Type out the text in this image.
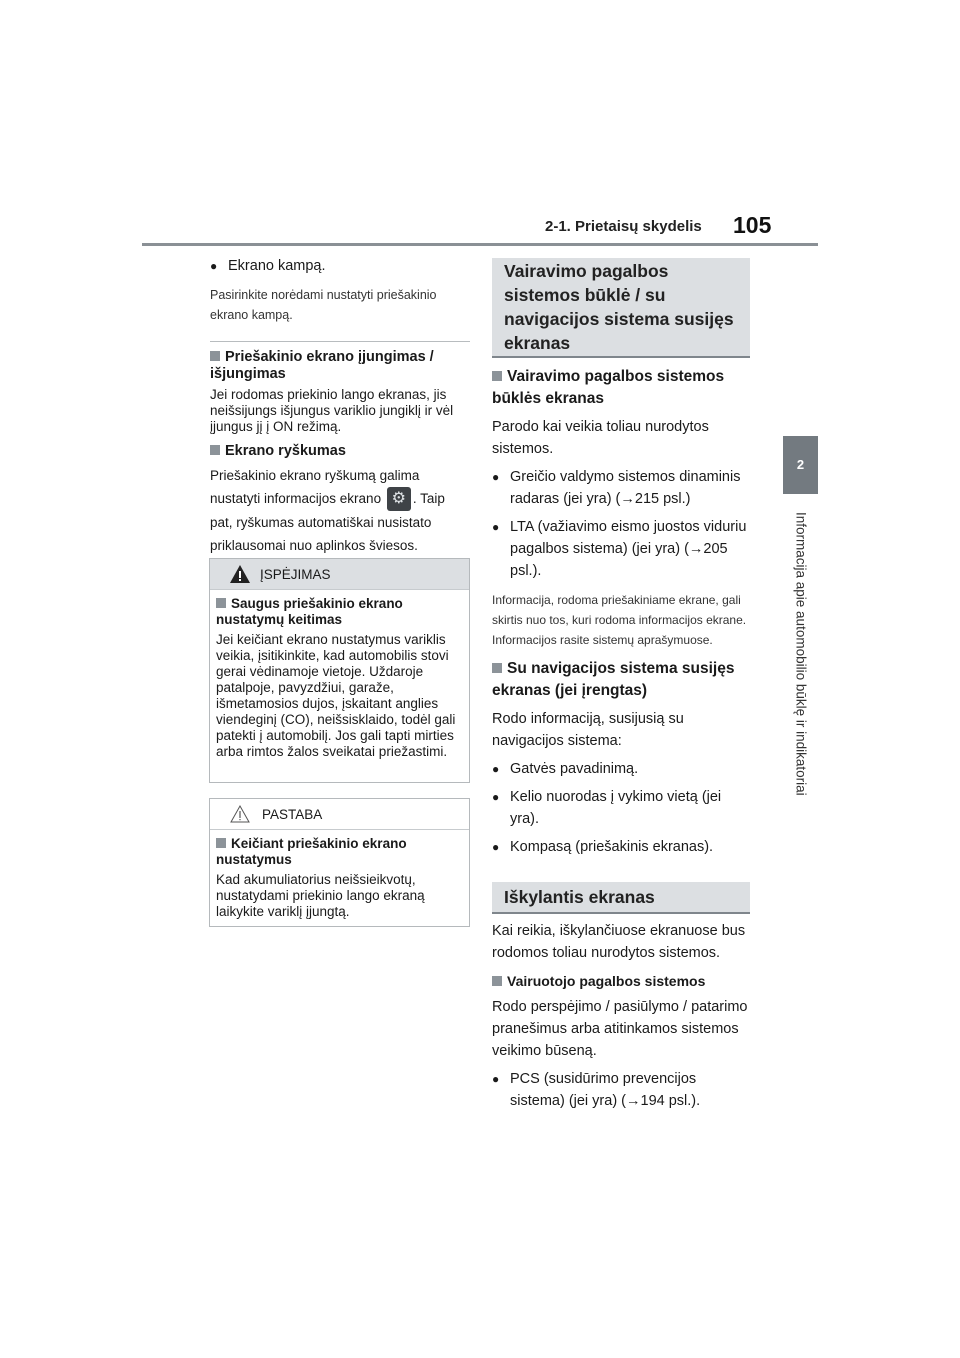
2-1. Prietaisų skydelis 105
2
Informacija apie automobilio būklę ir indikatoriai
● Ekrano kampą.
Pasirinkite norėdami nustatyti priešakinio ekrano kampą.
Priešakinio ekrano įjungimas / išjungimas
Jei rodomas priekinio lango ekranas, jis neišsijungs išjungus variklio jungiklį ir vėl įjungus jį į ON režimą.
Ekrano ryškumas
Priešakinio ekrano ryškumą galima nustatyti informacijos ekrano ⚙ . Taip pat, ryškumas automatiškai nusistato priklausomai nuo aplinkos šviesos.
ĮSPĖJIMAS
Saugus priešakinio ekrano nustatymų keitimas
Jei keičiant ekrano nustatymus variklis veikia, įsitikinkite, kad automobilis stovi gerai vėdinamoje vietoje. Uždaroje patalpoje, pavyzdžiui, garaže, išmetamosios dujos, įskaitant anglies viendeginį (CO), neišsisklaido, todėl gali patekti į automobilį. Jos gali tapti mirties arba rimtos žalos sveikatai priežastimi.
PASTABA
Keičiant priešakinio ekrano nustatymus
Kad akumuliatorius neišsieikvotų, nustatydami priekinio lango ekraną laikykite variklį įjungtą.
Vairavimo pagalbos sistemos būklė / su navigacijos sistema susijęs ekranas
Vairavimo pagalbos sistemos būklės ekranas
Parodo kai veikia toliau nurodytos sistemos.
● Greičio valdymo sistemos dinaminis radaras (jei yra) (→215 psl.)
● LTA (važiavimo eismo juostos viduriu pagalbos sistema) (jei yra) (→205 psl.).
Informacija, rodoma priešakiniame ekrane, gali skirtis nuo tos, kuri rodoma informacijos ekrane. Informacijos rasite sistemų aprašymuose.
Su navigacijos sistema susijęs ekranas (jei įrengtas)
Rodo informaciją, susijusią su navigacijos sistema:
● Gatvės pavadinimą.
● Kelio nuorodas į vykimo vietą (jei yra).
● Kompasą (priešakinis ekranas).
Iškylantis ekranas
Kai reikia, iškylančiuose ekranuose bus rodomos toliau nurodytos sistemos.
Vairuotojo pagalbos sistemos
Rodo perspėjimo / pasiūlymo / patarimo pranešimus arba atitinkamos sistemos veikimo būseną.
● PCS (susidūrimo prevencijos sistema) (jei yra) (→194 psl.).
